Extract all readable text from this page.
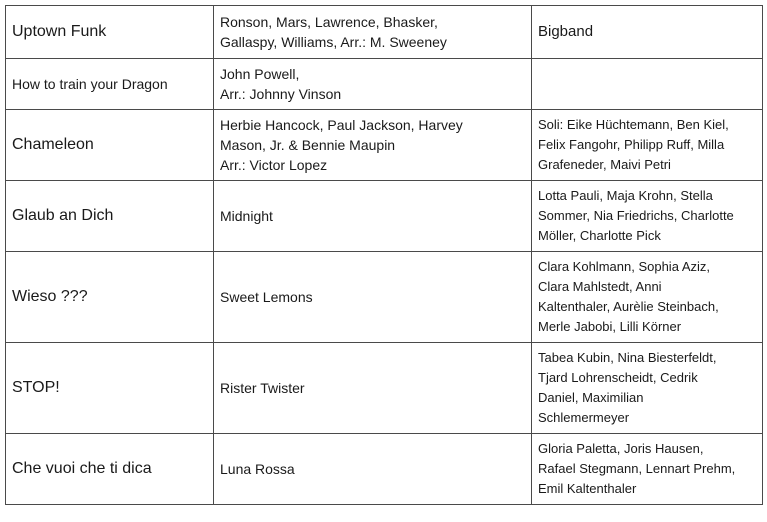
Uptown Funk	Ronson, Mars, Lawrence, Bhasker,
Gallaspy, Williams, Arr.: M. Sweeney	Bigband
How to train your Dragon	John Powell,
Arr.: Johnny Vinson	

Chameleon	Herbie Hancock, Paul Jackson, Harvey
Mason, Jr. & Bennie Maupin
Arr.: Victor Lopez	Soli: Eike Hüchtemann, Ben Kiel,
Felix Fangohr, Philipp Ruff, Milla
Grafeneder, Maivi Petri

Glaub an Dich	Midnight	Lotta Pauli, Maja Krohn, Stella
Sommer, Nia Friedrichs, Charlotte
Möller, Charlotte Pick

Wieso ???	Sweet Lemons	Clara Kohlmann, Sophia Aziz,
Clara Mahlstedt, Anni
Kaltenthaler, Aurèlie Steinbach,
Merle Jabobi, Lilli Körner

STOP!	Rister Twister	Tabea Kubin, Nina Biesterfeldt,
Tjard Lohrenscheidt, Cedrik
Daniel, Maximilian
Schlemermeyer

Che vuoi che ti dica	Luna Rossa	Gloria Paletta, Joris Hausen,
Rafael Stegmann, Lennart Prehm,
Emil Kaltenthaler
